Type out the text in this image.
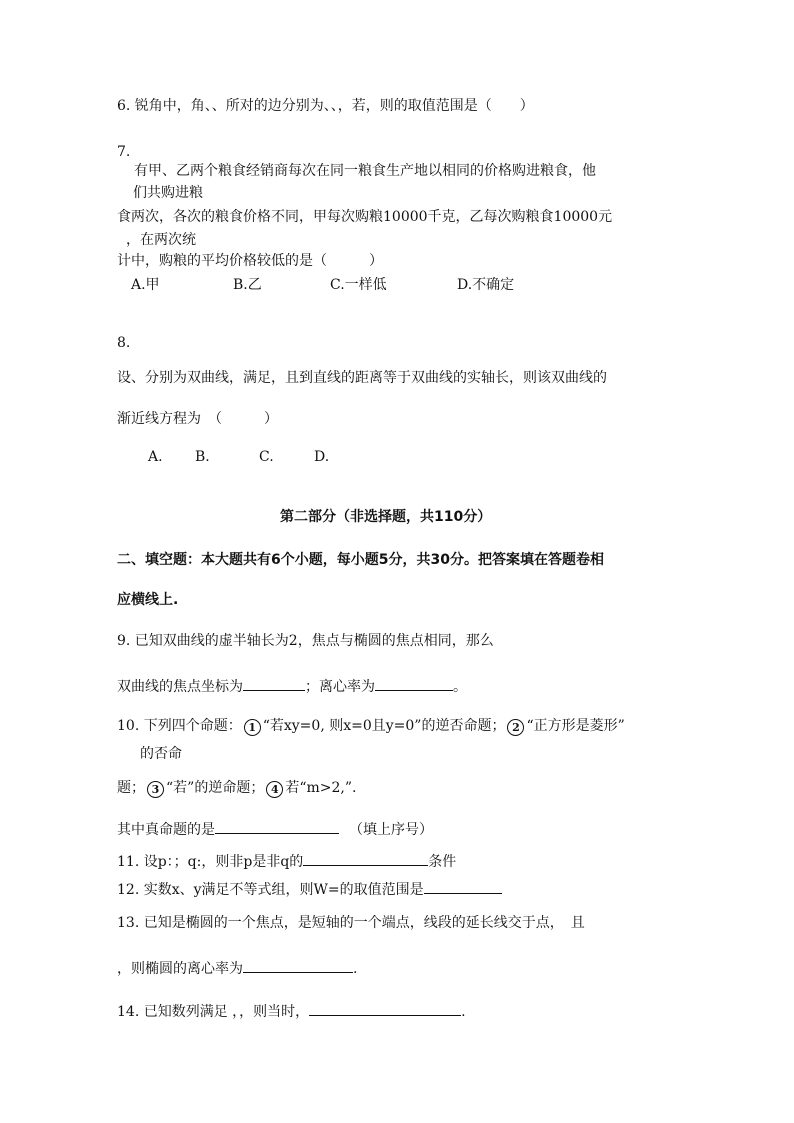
6. 锐角中，角、、所对的边分别为、、，若，则的取值范围是（　　）
7.
有甲、乙两个粮食经销商每次在同一粮食生产地以相同的价格购进粮食，他
们共购进粮
食两次，各次的粮食价格不同，甲每次购粮10000千克，乙每次购粮食10000元
，在两次统
计中，购粮的平均价格较低的是（　　　）
A.甲	B.乙	C.一样低	D.不确定
8.
设、分别为双曲线，满足，且到直线的距离等于双曲线的实轴长，则该双曲线的
渐近线方程为　（　　　）
A. B.	C.	D.
第二部分（非选择题，共110分）
二、填空题：本大题共有6个小题，每小题5分，共30分。把答案填在答题卷相
应横线上.
9. 已知双曲线的虚半轴长为2，焦点与椭圆的焦点相同，那么
双曲线的焦点坐标为	；离心率为	。
10. 下列四个命题： 1 “若xy=0, 则x=0且y=0”的逆否命题； 2 “正方形是菱形”
的否命
题； 3 “若”的逆命题； 4 若“m>2,”.
其中真命题的是	（填上序号）
11. 设p：；q:，则非p是非q的	条件
12. 实数x、y满足不等式组，则W=的取值范围是
13. 已知是椭圆的一个焦点，是短轴的一个端点，线段的延长线交于点，　且
，则椭圆的离心率为	.
14. 已知数列满足 ，，则当时，	.
